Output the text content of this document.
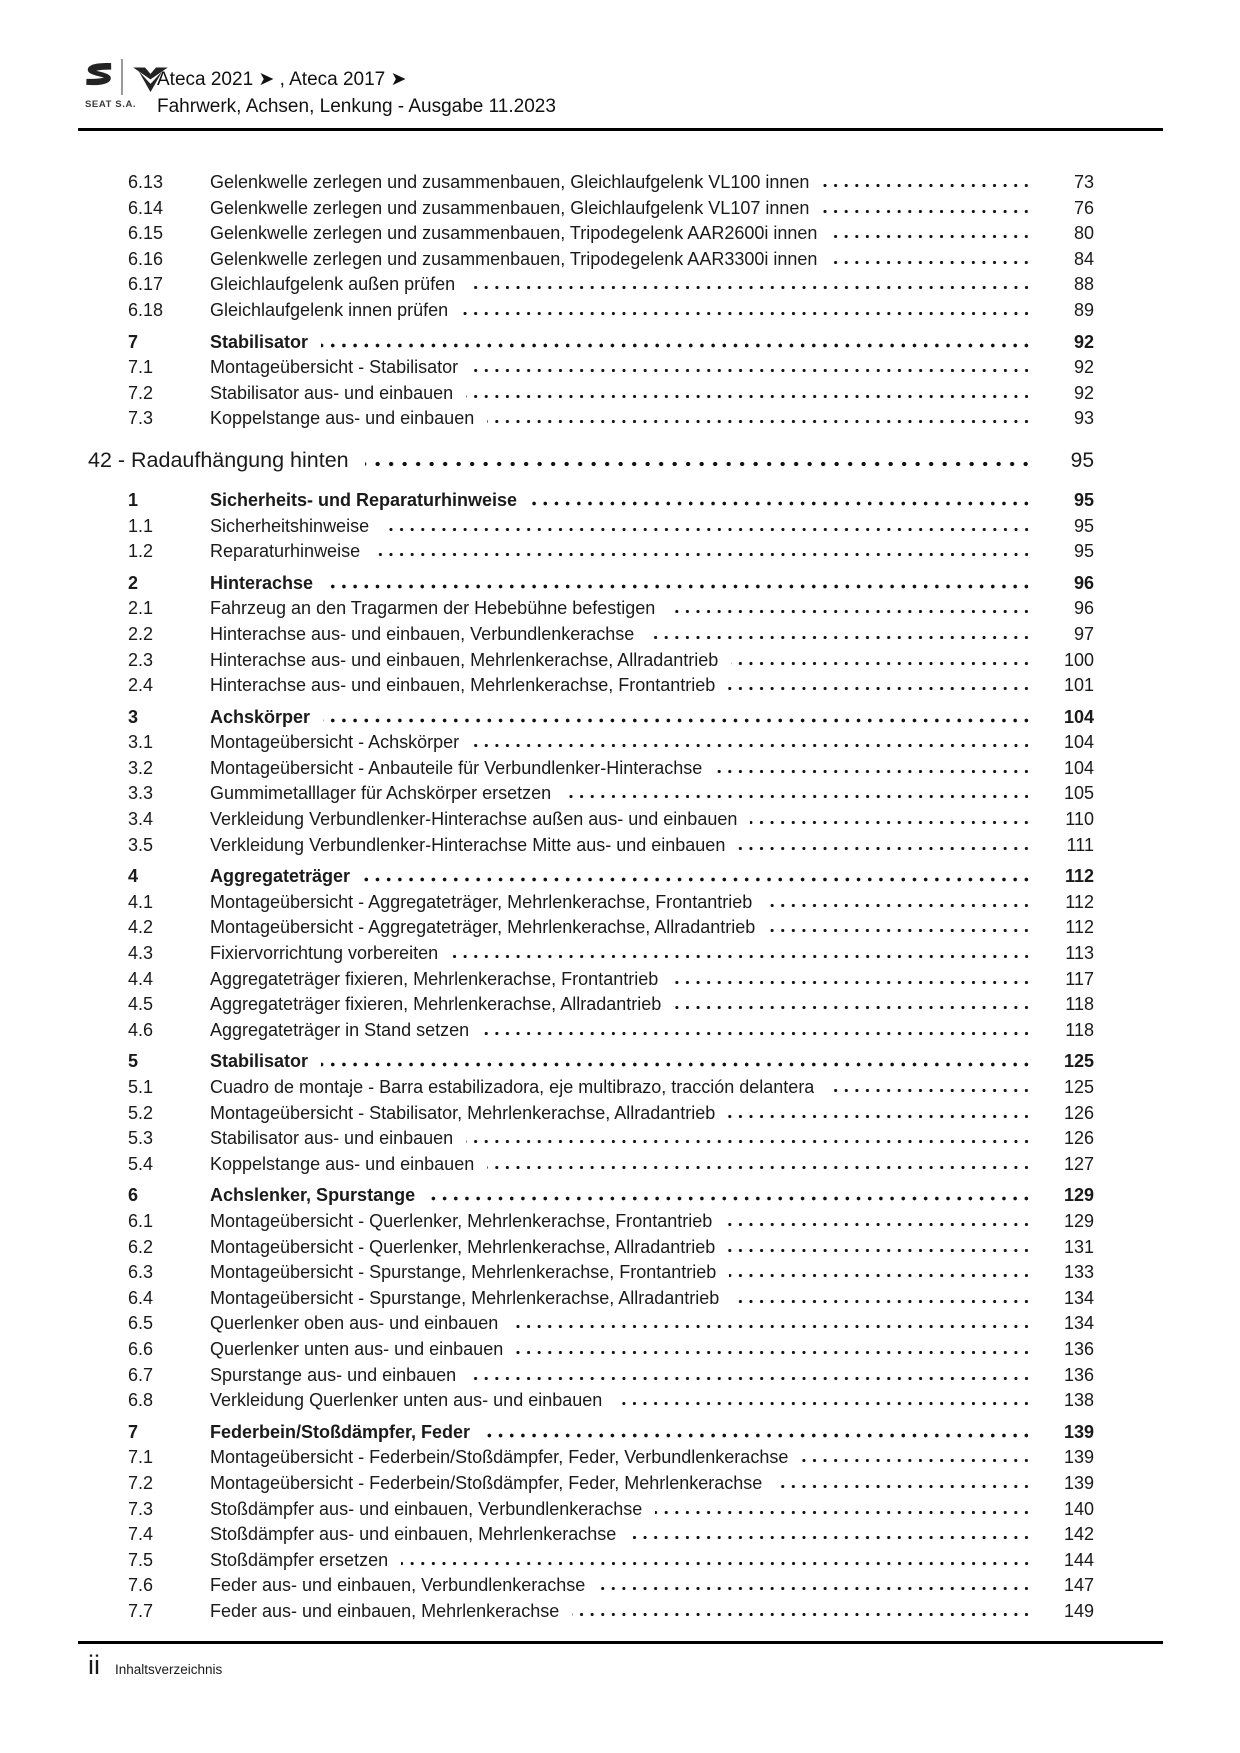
SEAT S.A.
Ateca 2021 ➤ , Ateca 2017 ➤
Fahrwerk, Achsen, Lenkung - Ausgabe 11.2023
6.13	Gelenkwelle zerlegen und zusammenbauen, Gleichlaufgelenk VL100 innen	73
6.14	Gelenkwelle zerlegen und zusammenbauen, Gleichlaufgelenk VL107 innen	76
6.15	Gelenkwelle zerlegen und zusammenbauen, Tripodegelenk AAR2600i innen	80
6.16	Gelenkwelle zerlegen und zusammenbauen, Tripodegelenk AAR3300i innen	84
6.17	Gleichlaufgelenk außen prüfen	88
6.18	Gleichlaufgelenk innen prüfen	89
7	Stabilisator	92
7.1	Montageübersicht - Stabilisator	92
7.2	Stabilisator aus- und einbauen	92
7.3	Koppelstange aus- und einbauen	93
42 - Radaufhängung hinten	95
1	Sicherheits- und Reparaturhinweise	95
1.1	Sicherheitshinweise	95
1.2	Reparaturhinweise	95
2	Hinterachse	96
2.1	Fahrzeug an den Tragarmen der Hebebühne befestigen	96
2.2	Hinterachse aus- und einbauen, Verbundlenkerachse	97
2.3	Hinterachse aus- und einbauen, Mehrlenkerachse, Allradantrieb	100
2.4	Hinterachse aus- und einbauen, Mehrlenkerachse, Frontantrieb	101
3	Achskörper	104
3.1	Montageübersicht - Achskörper	104
3.2	Montageübersicht - Anbauteile für Verbundlenker-Hinterachse	104
3.3	Gummimetalllager für Achskörper ersetzen	105
3.4	Verkleidung Verbundlenker-Hinterachse außen aus- und einbauen	110
3.5	Verkleidung Verbundlenker-Hinterachse Mitte aus- und einbauen	111
4	Aggregateträger	112
4.1	Montageübersicht - Aggregateträger, Mehrlenkerachse, Frontantrieb	112
4.2	Montageübersicht - Aggregateträger, Mehrlenkerachse, Allradantrieb	112
4.3	Fixiervorrichtung vorbereiten	113
4.4	Aggregateträger fixieren, Mehrlenkerachse, Frontantrieb	117
4.5	Aggregateträger fixieren, Mehrlenkerachse, Allradantrieb	118
4.6	Aggregateträger in Stand setzen	118
5	Stabilisator	125
5.1	Cuadro de montaje - Barra estabilizadora, eje multibrazo, tracción delantera	125
5.2	Montageübersicht - Stabilisator, Mehrlenkerachse, Allradantrieb	126
5.3	Stabilisator aus- und einbauen	126
5.4	Koppelstange aus- und einbauen	127
6	Achslenker, Spurstange	129
6.1	Montageübersicht - Querlenker, Mehrlenkerachse, Frontantrieb	129
6.2	Montageübersicht - Querlenker, Mehrlenkerachse, Allradantrieb	131
6.3	Montageübersicht - Spurstange, Mehrlenkerachse, Frontantrieb	133
6.4	Montageübersicht - Spurstange, Mehrlenkerachse, Allradantrieb	134
6.5	Querlenker oben aus- und einbauen	134
6.6	Querlenker unten aus- und einbauen	136
6.7	Spurstange aus- und einbauen	136
6.8	Verkleidung Querlenker unten aus- und einbauen	138
7	Federbein/Stoßdämpfer, Feder	139
7.1	Montageübersicht - Federbein/Stoßdämpfer, Feder, Verbundlenkerachse	139
7.2	Montageübersicht - Federbein/Stoßdämpfer, Feder, Mehrlenkerachse	139
7.3	Stoßdämpfer aus- und einbauen, Verbundlenkerachse	140
7.4	Stoßdämpfer aus- und einbauen, Mehrlenkerachse	142
7.5	Stoßdämpfer ersetzen	144
7.6	Feder aus- und einbauen, Verbundlenkerachse	147
7.7	Feder aus- und einbauen, Mehrlenkerachse	149
ii Inhaltsverzeichnis
